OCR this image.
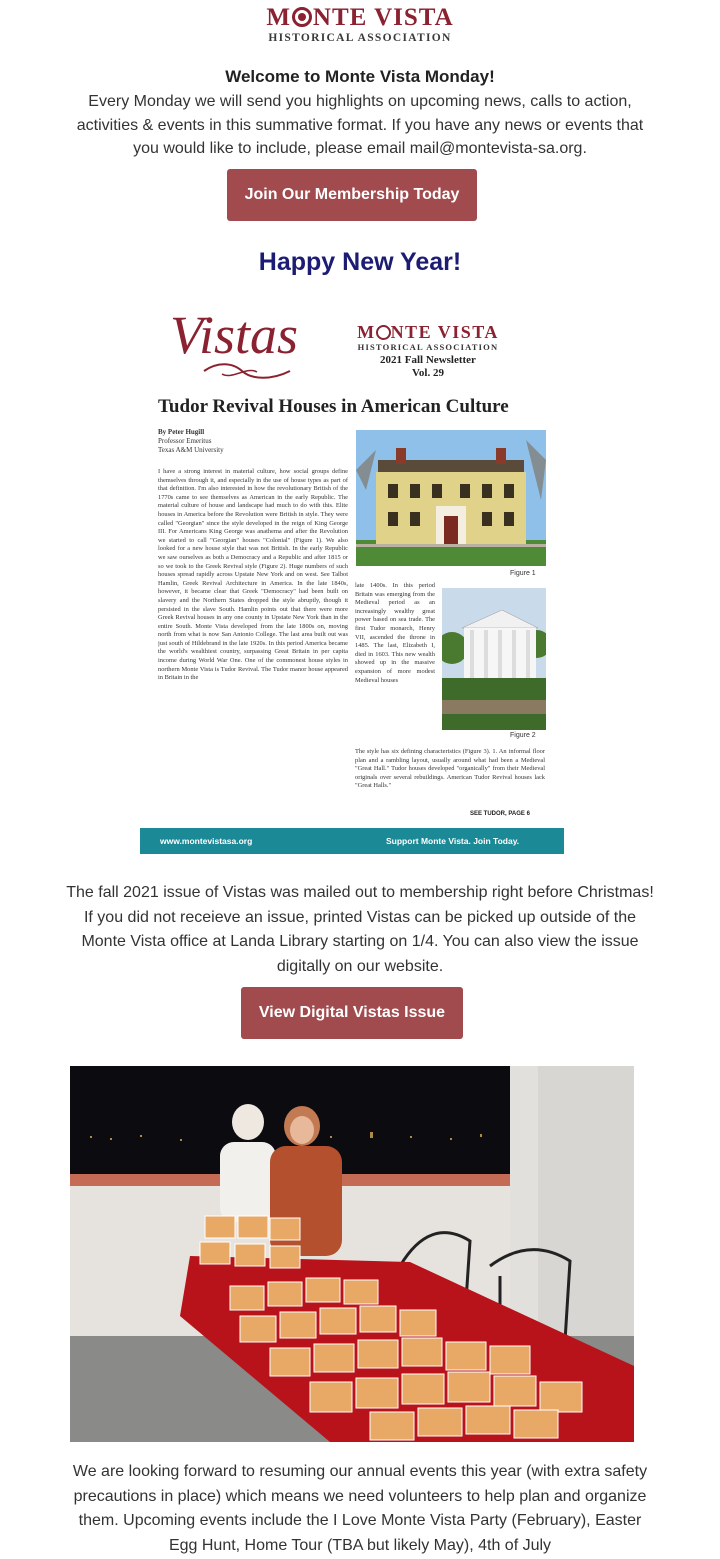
M NTE VISTA
HISTORICAL ASSOCIATION
Welcome to Monte Vista Monday!
Every Monday we will send you highlights on upcoming news, calls to action, activities & events in this summative format. If you have any news or events that you would like to include, please email mail@montevista-sa.org.
Join Our Membership Today
Happy New Year!
Vistas	M NTE VISTA
HISTORICAL ASSOCIATION
2021 Fall Newsletter
Vol. 29
Tudor Revival Houses in American Culture
By Peter Hugill
Professor Emeritus
Texas A&M University
I have a strong interest in material culture, how social groups define themselves through it, and especially in the use of house types as part of that definition. I'm also interested in how the revolutionary British of the 1770s came to see themselves as American in the early Republic. The material culture of house and landscape had much to do with this. Elite houses in America before the Revolution were British in style. They were called "Georgian" since the style developed in the reign of King George III. For Americans King George was anathema and after the Revolution we started to call "Georgian" houses "Colonial" (Figure 1). We also looked for a new house style that was not British. In the early Republic we saw ourselves as both a Democracy and a Republic and after 1815 or so we took to the Greek Revival style (Figure 2). Huge numbers of such houses spread rapidly across Upstate New York and on west. See Talbot Hamlin, Greek Revival Architecture in America. In the late 1840s, however, it became clear that Greek "Democracy" had been built on slavery and the Northern States dropped the style abruptly, though it persisted in the slave South. Hamlin points out that there were more Greek Revival houses in any one county in Upstate New York than in the entire South. Monte Vista developed from the late 1800s on, moving north from what is now San Antonio College. The last area built out was just south of Hildebrand in the late 1920s. In this period America became the world's wealthiest country, surpassing Great Britain in per capita income during World War One. One of the commonest house styles in northern Monte Vista is Tudor Revival. The Tudor manor house appeared in Britain in the
late 1400s. In this period Britain was emerging from the Medieval period as an increasingly wealthy great power based on sea trade. The first Tudor monarch, Henry VII, ascended the throne in 1485. The last, Elizabeth I, died in 1603. This new wealth showed up in the massive expansion of more modest Medieval houses
The style has six defining characteristics (Figure 3). 1. An informal floor plan and a rambling layout, usually around what had been a Medieval "Great Hall." Tudor houses developed "organically" from their Medieval originals over several rebuildings. American Tudor Revival houses lack "Great Halls."
Figure 1
Figure 2
SEE TUDOR, PAGE 6
www.montevistasa.org	Support Monte Vista. Join Today.
The fall 2021 issue of Vistas was mailed out to membership right before Christmas! If you did not receieve an issue, printed Vistas can be picked up outside of the Monte Vista office at Landa Library starting on 1/4. You can also view the issue digitally on our website.
View Digital Vistas Issue
We are looking forward to resuming our annual events this year (with extra safety precautions in place) which means we need volunteers to help plan and organize them. Upcoming events include the I Love Monte Vista Party (February), Easter Egg Hunt, Home Tour (TBA but likely May), 4th of July
